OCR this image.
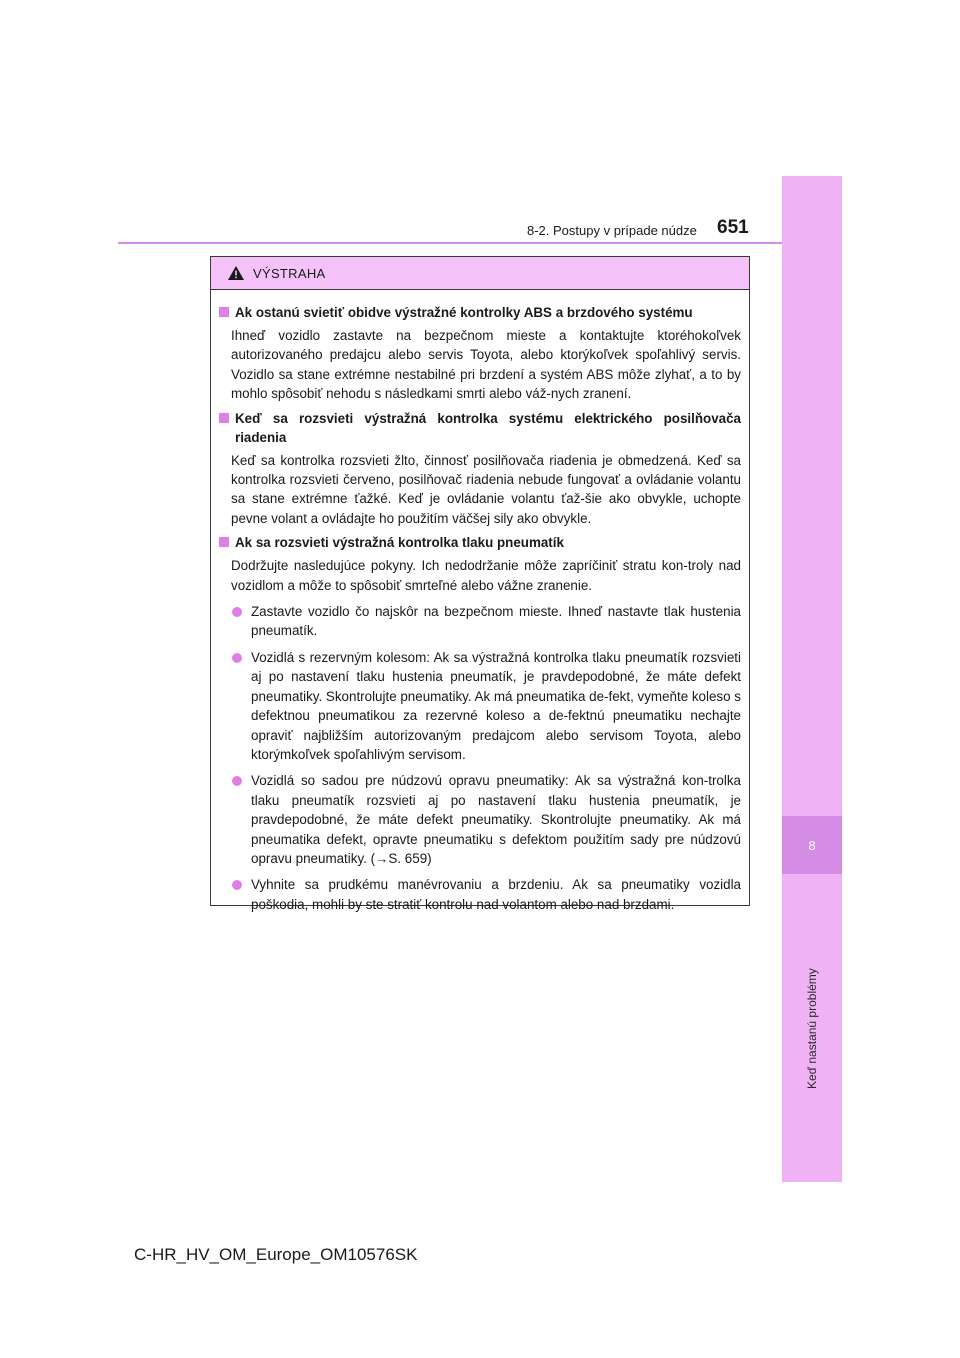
8
Keď nastanú problémy
8-2. Postupy v prípade núdze 651
VÝSTRAHA
Ak ostanú svietiť obidve výstražné kontrolky ABS a brzdového systému
Ihneď vozidlo zastavte na bezpečnom mieste a kontaktujte ktoréhokoľvek autorizovaného predajcu alebo servis Toyota, alebo ktorýkoľvek spoľahlivý servis. Vozidlo sa stane extrémne nestabilné pri brzdení a systém ABS môže zlyhať, a to by mohlo spôsobiť nehodu s následkami smrti alebo váž-nych zranení.
Keď sa rozsvieti výstražná kontrolka systému elektrického posilňovača riadenia
Keď sa kontrolka rozsvieti žlto, činnosť posilňovača riadenia je obmedzená. Keď sa kontrolka rozsvieti červeno, posilňovač riadenia nebude fungovať a ovládanie volantu sa stane extrémne ťažké. Keď je ovládanie volantu ťaž-šie ako obvykle, uchopte pevne volant a ovládajte ho použitím väčšej sily ako obvykle.
Ak sa rozsvieti výstražná kontrolka tlaku pneumatík
Dodržujte nasledujúce pokyny. Ich nedodržanie môže zapríčiniť stratu kon-troly nad vozidlom a môže to spôsobiť smrteľné alebo vážne zranenie.
Zastavte vozidlo čo najskôr na bezpečnom mieste. Ihneď nastavte tlak hustenia pneumatík.
Vozidlá s rezervným kolesom: Ak sa výstražná kontrolka tlaku pneumatík rozsvieti aj po nastavení tlaku hustenia pneumatík, je pravdepodobné, že máte defekt pneumatiky. Skontrolujte pneumatiky. Ak má pneumatika de-fekt, vymeňte koleso s defektnou pneumatikou za rezervné koleso a de-fektnú pneumatiku nechajte opraviť najbližším autorizovaným predajcom alebo servisom Toyota, alebo ktorýmkoľvek spoľahlivým servisom.
Vozidlá so sadou pre núdzovú opravu pneumatiky: Ak sa výstražná kon-trolka tlaku pneumatík rozsvieti aj po nastavení tlaku hustenia pneumatík, je pravdepodobné, že máte defekt pneumatiky. Skontrolujte pneumatiky. Ak má pneumatika defekt, opravte pneumatiku s defektom použitím sady pre núdzovú opravu pneumatiky. (→S. 659)
Vyhnite sa prudkému manévrovaniu a brzdeniu. Ak sa pneumatiky vozidla poškodia, mohli by ste stratiť kontrolu nad volantom alebo nad brzdami.
C-HR_HV_OM_Europe_OM10576SK
